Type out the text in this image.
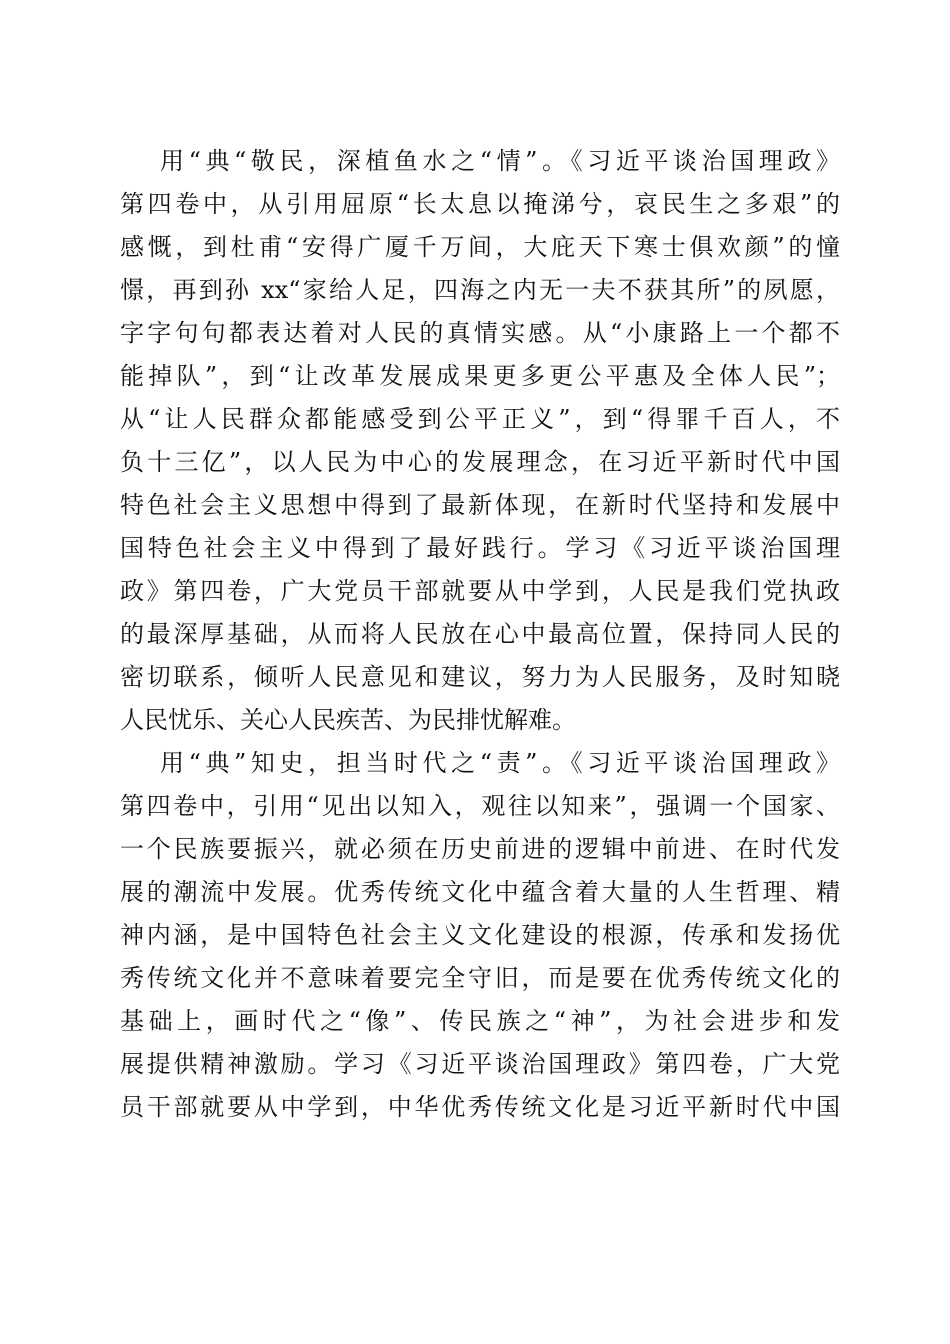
用“典“敬民，深植鱼水之“情”。《习近平谈治国理政》
第四卷中，从引用屈原“长太息以掩涕兮，哀民生之多艰”的
感慨，到杜甫“安得广厦千万间，大庇天下寒士俱欢颜”的憧
憬，再到孙 xx“家给人足，四海之内无一夫不获其所”的夙愿，
字字句句都表达着对人民的真情实感。从“小康路上一个都不
能掉队”，到“让改革发展成果更多更公平惠及全体人民”；
从“让人民群众都能感受到公平正义”，到“得罪千百人，不
负十三亿”，以人民为中心的发展理念，在习近平新时代中国
特色社会主义思想中得到了最新体现，在新时代坚持和发展中
国特色社会主义中得到了最好践行。学习《习近平谈治国理
政》第四卷，广大党员干部就要从中学到，人民是我们党执政
的最深厚基础，从而将人民放在心中最高位置，保持同人民的
密切联系，倾听人民意见和建议，努力为人民服务，及时知晓
人民忧乐、关心人民疾苦、为民排忧解难。
用“典”知史，担当时代之“责”。《习近平谈治国理政》
第四卷中，引用“见出以知入，观往以知来”，强调一个国家、
一个民族要振兴，就必须在历史前进的逻辑中前进、在时代发
展的潮流中发展。优秀传统文化中蕴含着大量的人生哲理、精
神内涵，是中国特色社会主义文化建设的根源，传承和发扬优
秀传统文化并不意味着要完全守旧，而是要在优秀传统文化的
基础上，画时代之“像”、传民族之“神”，为社会进步和发
展提供精神激励。学习《习近平谈治国理政》第四卷，广大党
员干部就要从中学到，中华优秀传统文化是习近平新时代中国
